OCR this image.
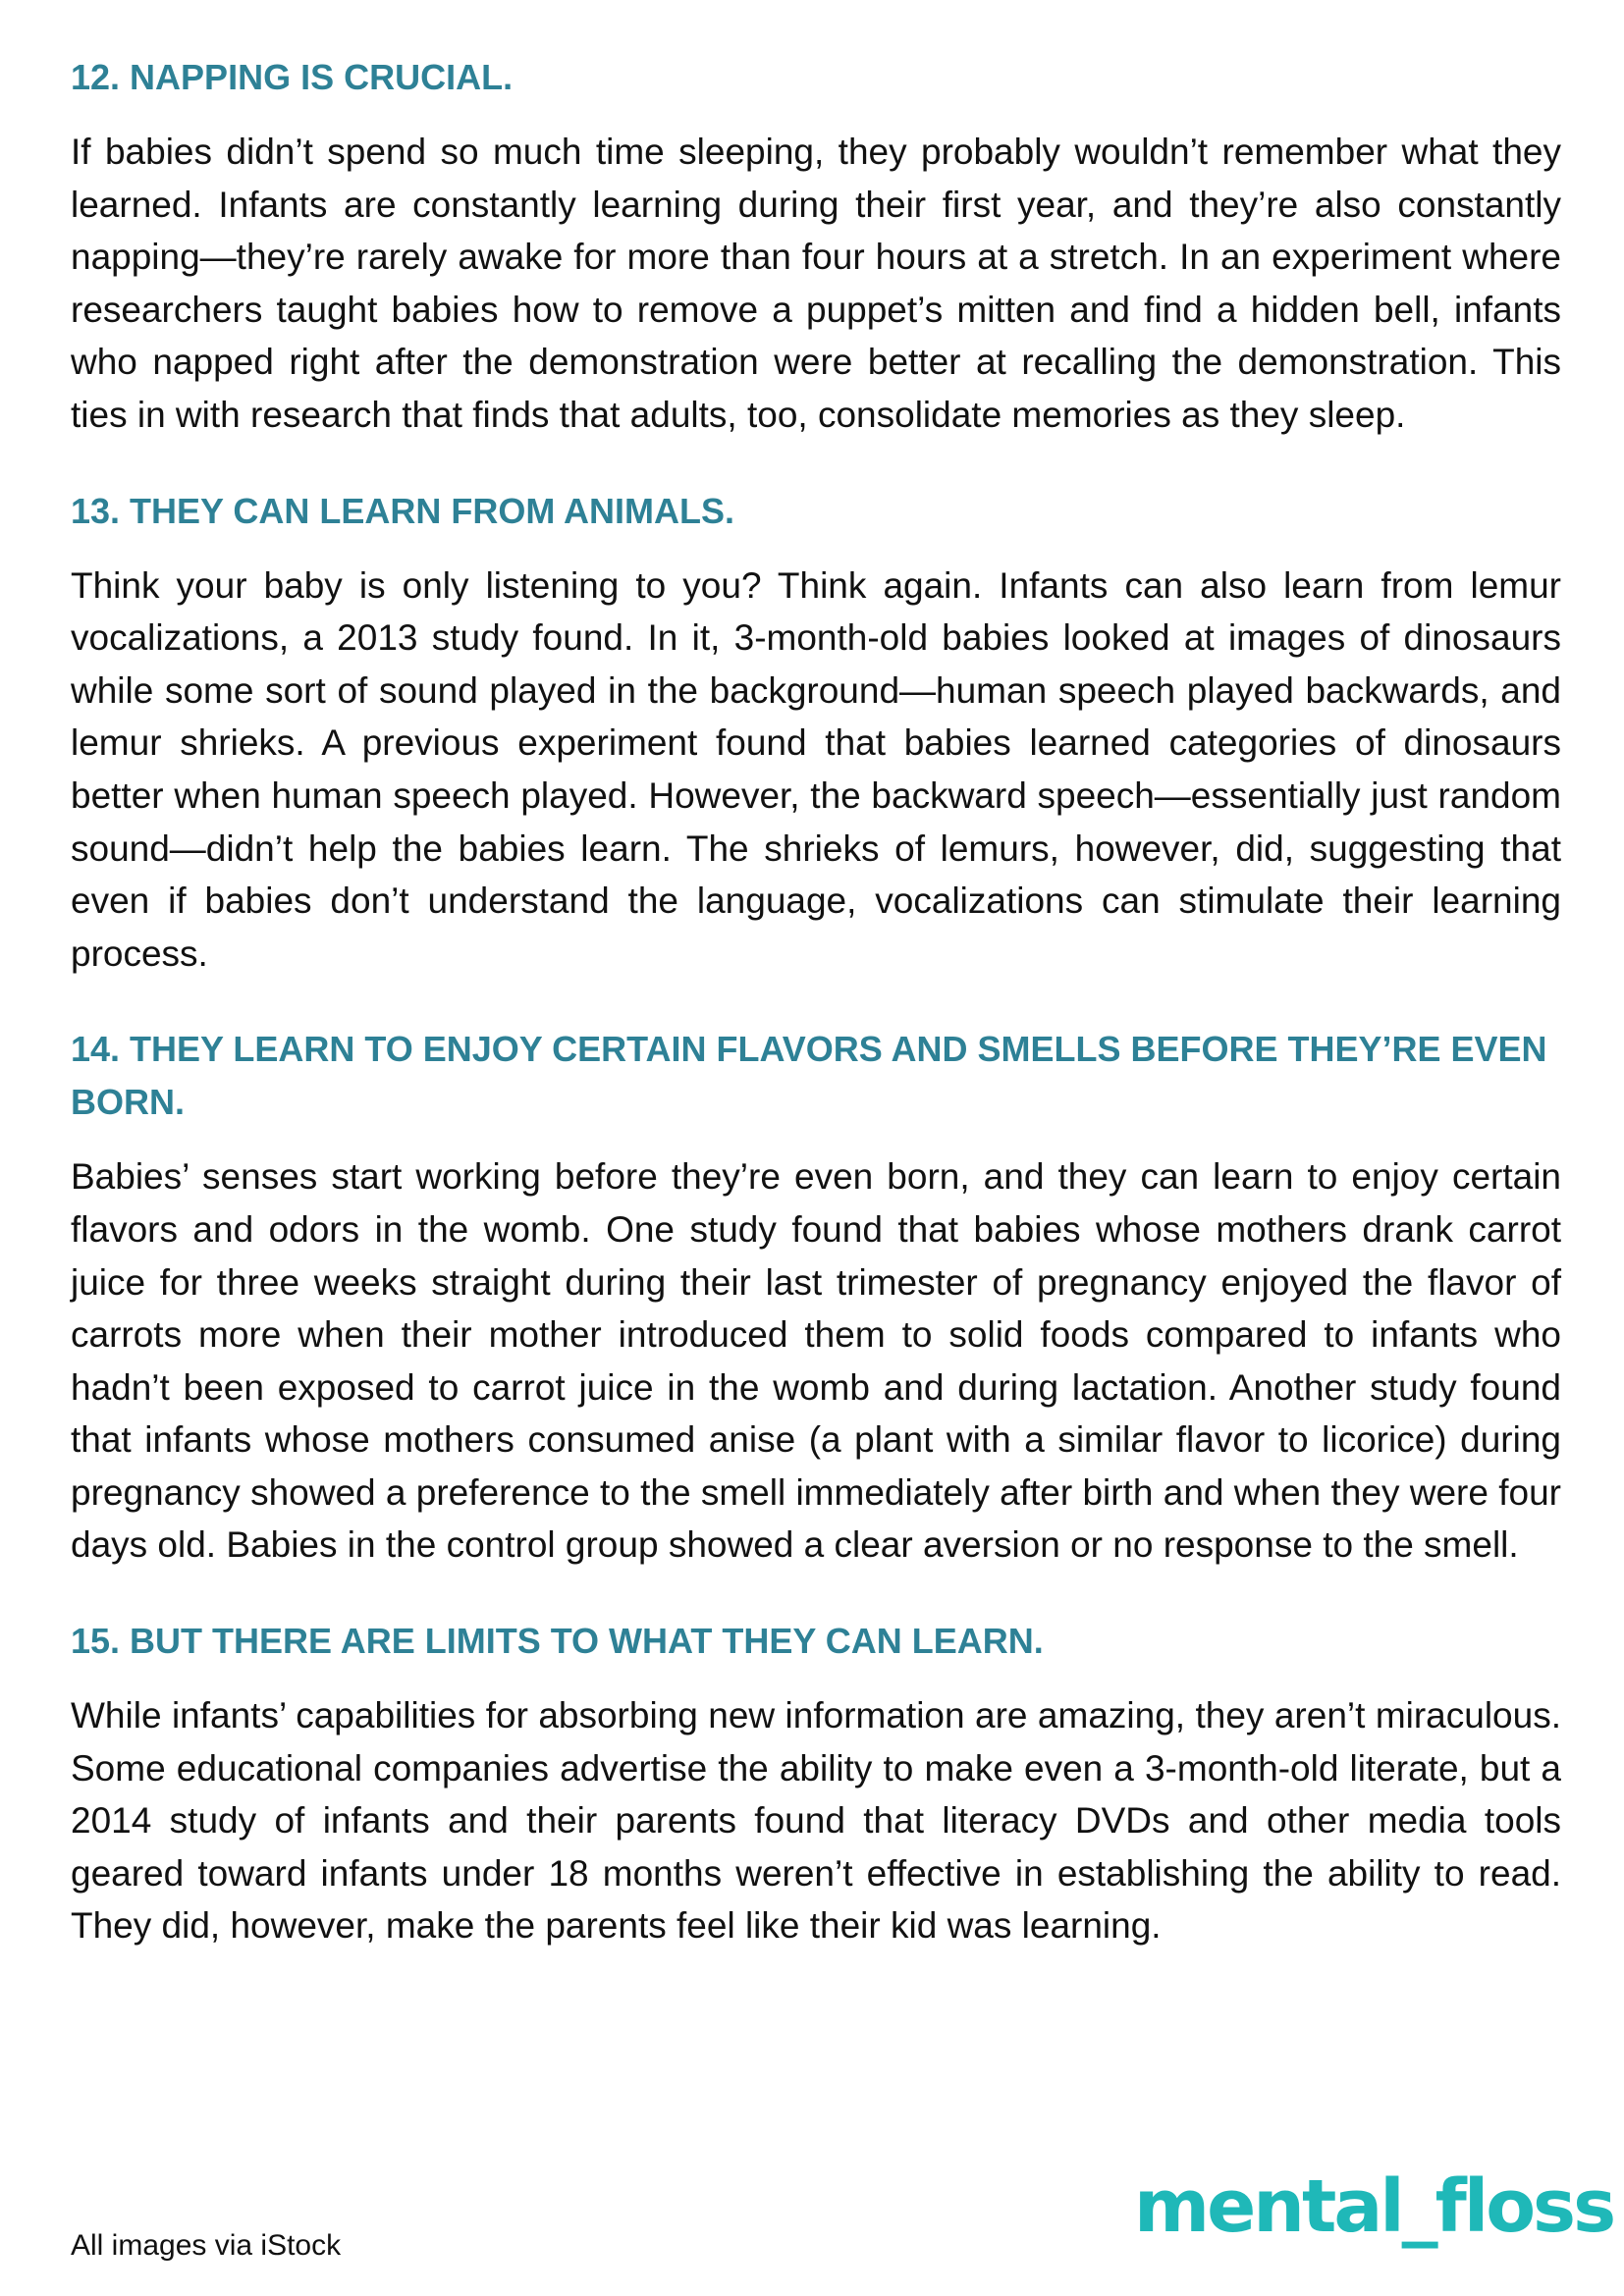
12. NAPPING IS CRUCIAL.

If babies didn’t spend so much time sleeping, they probably wouldn’t remember what they learned. Infants are constantly learning during their first year, and they’re also constantly napping—they’re rarely awake for more than four hours at a stretch. In an experiment where researchers taught babies how to remove a puppet’s mitten and find a hidden bell, infants who napped right after the demonstration were better at recalling the demonstration. This ties in with research that finds that adults, too, consolidate memories as they sleep.

13. THEY CAN LEARN FROM ANIMALS.

Think your baby is only listening to you? Think again. Infants can also learn from lemur vocalizations, a 2013 study found. In it, 3-month-old babies looked at images of dinosaurs while some sort of sound played in the background—human speech played backwards, and lemur shrieks. A previous experiment found that babies learned categories of dinosaurs better when human speech played. However, the backward speech—essentially just random sound—didn’t help the babies learn. The shrieks of lemurs, however, did, suggesting that even if babies don’t understand the language, vocalizations can stimulate their learning process.

14. THEY LEARN TO ENJOY CERTAIN FLAVORS AND SMELLS BEFORE THEY’RE EVEN BORN.

Babies’ senses start working before they’re even born, and they can learn to enjoy certain flavors and odors in the womb. One study found that babies whose mothers drank carrot juice for three weeks straight during their last trimester of pregnancy enjoyed the flavor of carrots more when their mother introduced them to solid foods compared to infants who hadn’t been exposed to carrot juice in the womb and during lactation. Another study found that infants whose mothers consumed anise (a plant with a similar flavor to licorice) during pregnancy showed a preference to the smell immediately after birth and when they were four days old. Babies in the control group showed a clear aversion or no response to the smell.

15. BUT THERE ARE LIMITS TO WHAT THEY CAN LEARN.

While infants’ capabilities for absorbing new information are amazing, they aren’t miraculous. Some educational companies advertise the ability to make even a 3-month-old literate, but a 2014 study of infants and their parents found that literacy DVDs and other media tools geared toward infants under 18 months weren’t effective in establishing the ability to read. They did, however, make the parents feel like their kid was learning.

mental_floss
All images via iStock
